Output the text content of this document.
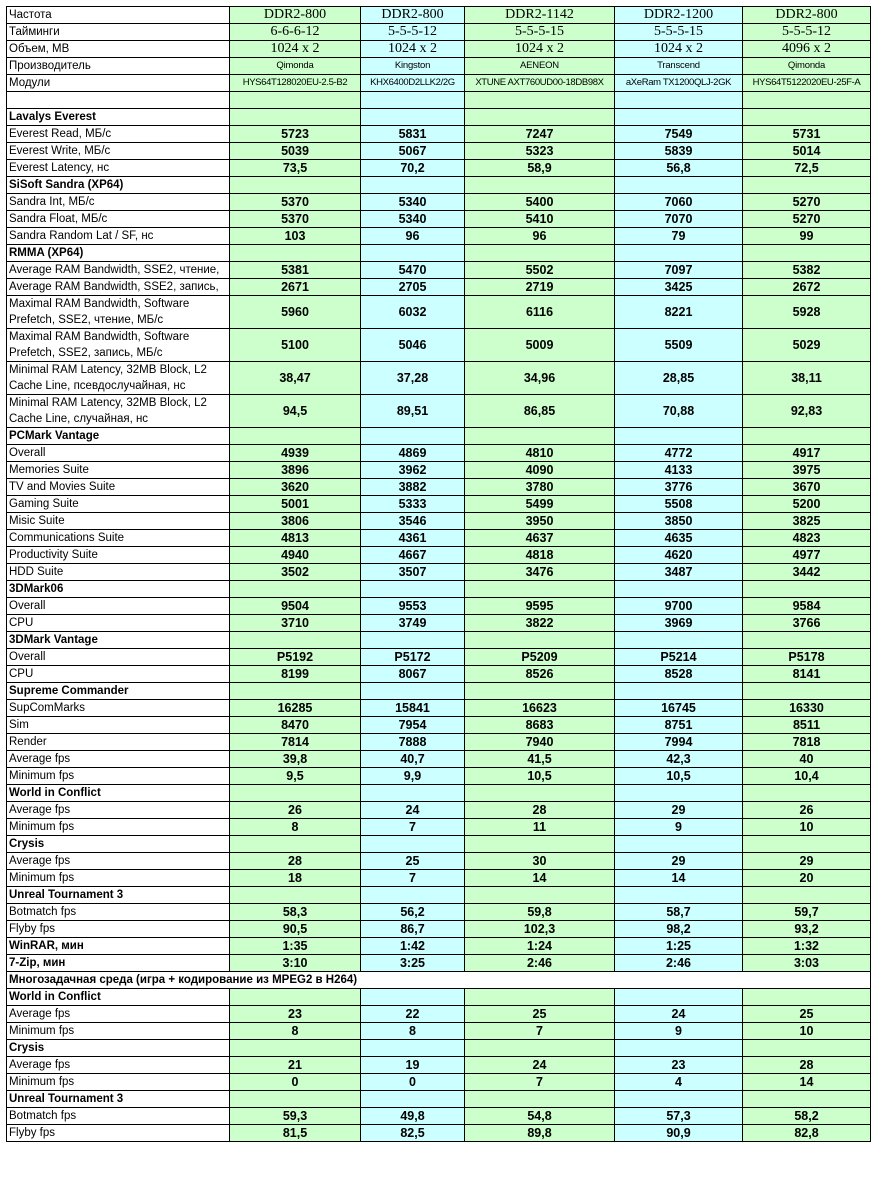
Частота	DDR2-800	DDR2-800	DDR2-1142	DDR2-1200	DDR2-800
Тайминги	6-6-6-12	5-5-5-12	5-5-5-15	5-5-5-15	5-5-5-12
Объем, МВ	1024 x 2	1024 x 2	1024 x 2	1024 x 2	4096 x 2
Производитель	Qimonda	Kingston	AENEON	Transcend	Qimonda
Модули	HYS64T128020EU-2.5-B2	KHX6400D2LLK2/2G	XTUNE AXT760UD00-18DB98X	aXeRam TX1200QLJ-2GK	HYS64T5122020EU-25F-A

Lavalys Everest					
Everest Read, МБ/с	5723	5831	7247	7549	5731
Everest Write, МБ/с	5039	5067	5323	5839	5014
Everest Latency, нс	73,5	70,2	58,9	56,8	72,5
SiSoft Sandra (XP64)					
Sandra Int, МБ/с	5370	5340	5400	7060	5270
Sandra Float, МБ/с	5370	5340	5410	7070	5270
Sandra Random Lat / SF, нс	103	96	96	79	99
RMMA (XP64)					
Average RAM Bandwidth, SSE2, чтение,	5381	5470	5502	7097	5382
Average RAM Bandwidth, SSE2, запись,	2671	2705	2719	3425	2672
Maximal RAM Bandwidth, Software Prefetch, SSE2, чтение, МБ/с	5960	6032	6116	8221	5928
Maximal RAM Bandwidth, Software Prefetch, SSE2, запись, МБ/с	5100	5046	5009	5509	5029
Minimal RAM Latency, 32MB Block, L2 Cache Line, псевдослучайная, нс	38,47	37,28	34,96	28,85	38,11
Minimal RAM Latency, 32MB Block, L2 Cache Line, случайная, нс	94,5	89,51	86,85	70,88	92,83
PCMark Vantage					
Overall	4939	4869	4810	4772	4917
Memories Suite	3896	3962	4090	4133	3975
TV and Movies Suite	3620	3882	3780	3776	3670
Gaming Suite	5001	5333	5499	5508	5200
Misic Suite	3806	3546	3950	3850	3825
Communications Suite	4813	4361	4637	4635	4823
Productivity Suite	4940	4667	4818	4620	4977
HDD Suite	3502	3507	3476	3487	3442
3DMark06					
Overall	9504	9553	9595	9700	9584
CPU	3710	3749	3822	3969	3766
3DMark Vantage					
Overall	P5192	P5172	P5209	P5214	P5178
CPU	8199	8067	8526	8528	8141
Supreme Commander					
SupComMarks	16285	15841	16623	16745	16330
Sim	8470	7954	8683	8751	8511
Render	7814	7888	7940	7994	7818
Average fps	39,8	40,7	41,5	42,3	40
Minimum fps	9,5	9,9	10,5	10,5	10,4
World in Conflict					
Average fps	26	24	28	29	26
Minimum fps	8	7	11	9	10
Crysis					
Average fps	28	25	30	29	29
Minimum fps	18	7	14	14	20
Unreal Tournament 3					
Botmatch fps	58,3	56,2	59,8	58,7	59,7
Flyby fps	90,5	86,7	102,3	98,2	93,2
WinRAR, мин	1:35	1:42	1:24	1:25	1:32
7-Zip, мин	3:10	3:25	2:46	2:46	3:03
Многозадачная среда (игра + кодирование из MPEG2 в H264)					
World in Conflict					
Average fps	23	22	25	24	25
Minimum fps	8	8	7	9	10
Crysis					
Average fps	21	19	24	23	28
Minimum fps	0	0	7	4	14
Unreal Tournament 3					
Botmatch fps	59,3	49,8	54,8	57,3	58,2
Flyby fps	81,5	82,5	89,8	90,9	82,8
